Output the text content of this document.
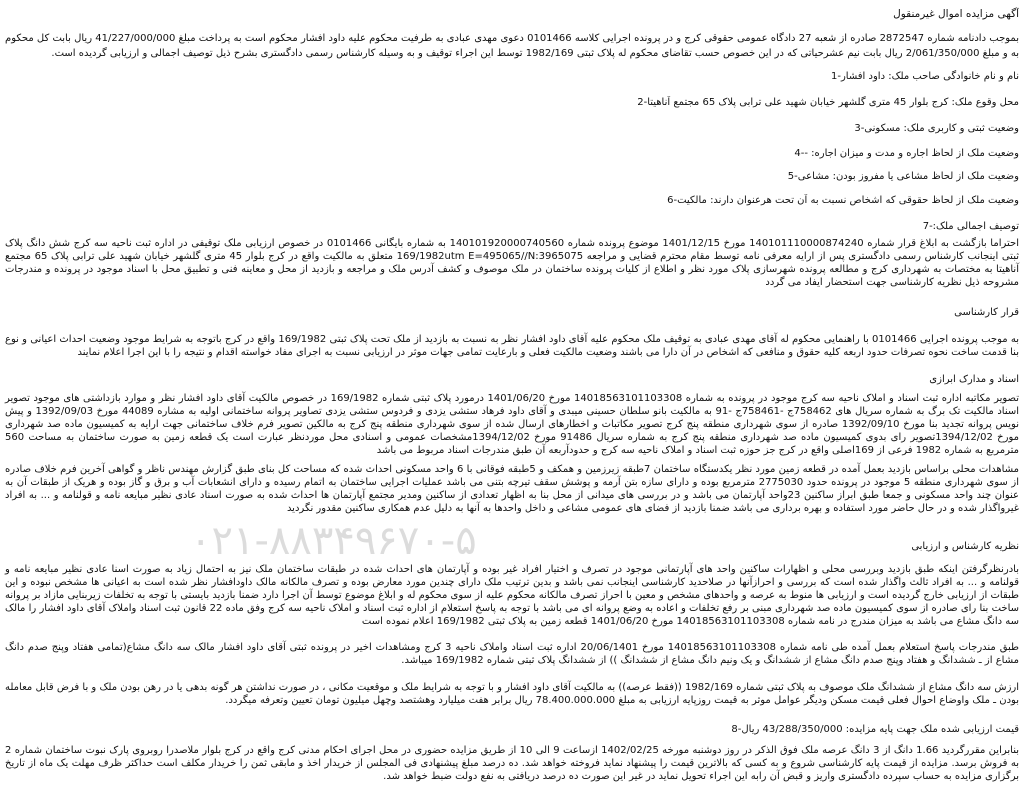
۰۲۱-۸۸۳۴۹۶۷۰-۵
آگهی مزایده اموال غیرمنقول

بموجب دادنامه شماره 2872547 صادره از شعبه 27 دادگاه عمومی حقوقی کرج و در پرونده اجرایی کلاسه 0101466 دعوی مهدی عبادی به طرفیت محکوم علیه داود افشار محکوم است به پرداخت مبلغ 41/227/000/000 ریال بابت کل محکوم به و مبلغ 2/061/350/000 ریال بابت نیم عشرحیاتی که در این خصوص حسب تقاضای محکوم له پلاک ثبتی 1982/169 توسط این اجراء توقیف و به وسیله کارشناس رسمی دادگستری بشرح ذیل توصیف اجمالی و ارزیابی گردیده است.

نام و نام خانوادگی صاحب ملک: داود افشار-1
محل وقوع ملک: کرج بلوار 45 متری گلشهر خیابان شهید علی ترابی پلاک 65 مجتمع آناهیتا-2
وضعیت ثبتی و کاربری ملک: مسکونی-3
وضعیت ملک از لحاظ اجاره و مدت و میزان اجاره: --4
وضعیت ملک از لحاظ مشاعی یا مفروز بودن: مشاعی-5
وضعیت ملک از لحاظ حقوقی که اشخاص نسبت به آن تحت هرعنوان دارند: مالکیت-6
توصیف اجمالی ملک:-7

احتراما بازگشت به ابلاغ قرار شماره 140101110000874240 مورخ 1401/12/15 موضوع پرونده شماره 140101920000740560 به شماره بایگانی 0101466 در خصوص ارزیابی ملک توقیفی در اداره ثبت ناحیه سه کرج شش دانگ پلاک ثبتی اینجانب کارشناس رسمی دادگستری پس از ارایه معرفی نامه توسط مقام محترم قضایی و مراجعه 169/1982utm E=495065//N:3965075 متعلق به مالکیت واقع در کرج بلوار 45 متری گلشهر خیابان شهید علی ترابی پلاک 65 مجتمع آناهیتا به مختصات به شهرداری کرج و مطالعه پرونده شهرسازی پلاک مورد نظر و اطلاع از کلیات پرونده ساختمان در ملک موصوف و کشف آدرس ملک و مراجعه و بازدید از محل و معاینه فنی و تطبیق محل با اسناد موجود در پرونده و مندرجات مشروحه ذیل نظریه کارشناسی جهت استحضار ایفاد می گردد

قرار کارشناسی

به موجب پرونده اجرایی 0101466 با راهنمایی محکوم له آقای مهدی عبادی به توقیف ملک محکوم علیه آقای داود افشار نظر به نسبت به بازدید از ملک تحت پلاک ثبتی 169/1982 واقع در کرج باتوجه به شرایط موجود وضعیت احداث اعیانی و نوع بنا قدمت ساخت نحوه تصرفات حدود اربعه کلیه حقوق و منافعی که اشخاص در آن دارا می باشند وضعیت مالکیت فعلی و بارعایت تمامی جهات موثر در ارزیابی نسبت به اجرای مفاد خواسته اقدام و نتیجه را با این اجرا اعلام نمایند

اسناد و مدارک ابرازی

تصویر مکاتبه اداره ثبت اسناد و املاک ناحیه سه کرج موجود در پرونده به شماره 14018563101103308 مورخ 1401/06/20 درمورد پلاک ثبتی شماره 169/1982 در خصوص مالکیت آقای داود افشار نظر و موارد بازداشتی های موجود تصویر اسناد مالکیت تک برگ به شماره سریال های 758462ج -758461ج -91 به مالکیت بانو سلطان حسینی میبدی و آقای داود فرهاد ستشی یزدی و فردوس ستشی یزدی تصاویر پروانه ساختمانی اولیه به مشاره 44089 مورخ 1392/09/03 و پیش نویس پروانه تجدید بنا مورخ 1392/09/10 صادره از سوی شهرداری منطقه پنج کرج تصویر مکاتبات و اخطارهای ارسال شده از سوی شهرداری منطقه پنج کرج به مالکین تصویر فرم خلاف ساختمانی جهت ارایه به کمیسیون ماده صد شهرداری مورخ 1394/12/02تصویر رای بدوی کمیسیون ماده صد شهرداری منطقه پنج کرج به شماره سریال 91486 مورخ 1394/12/02مشخصات عمومی و اسنادی محل موردنظر عبارت است یک قطعه زمین به صورت ساختمان به مساحت 560 مترمربع به شماره 1982 فرعی از 169اصلی واقع در کرج جز حوزه ثبت اسناد و املاک ناحیه سه کرج و حدودآربعه آن طبق مندرجات اسناد مربوط می باشد

مشاهدات محلی براساس بازدید بعمل آمده در قطعه زمین مورد نظر یکدستگاه ساختمان 7طبقه زیرزمین و همکف و 5طبقه فوقانی با 6 واحد مسکونی احداث شده که مساحت کل بنای طبق گزارش مهندس ناظر و گواهی آخرین فرم خلاف صادره از سوی شهرداری منطقه 5 موجود در پرونده حدود 2775030 مترمربع بوده و دارای سازه بتن آرمه و پوشش سقف تیرچه بتنی می باشد عملیات اجرایی ساختمان به اتمام رسیده و دارای انشعابات آب و برق و گاز بوده و هریک از طبقات آن به عنوان چند واحد مسکونی و جمعا طبق ابراز ساکنین 23واحد آپارتمان می باشد و در بررسی های میدانی از محل بنا به اظهار تعدادی از ساکنین ومدیر مجتمع آپارتمان ها احداث شده به صورت اسناد عادی نظیر مبایعه نامه و قولنامه و ... به افراد غیرواگذار شده و در حال حاضر مورد استفاده و بهره برداری می باشد ضمنا بازدید از فضای های عمومی مشاعی و داخل واحدها به آنها به دلیل عدم همکاری ساکنین مقدور نگردید

نظریه کارشناس و ارزیابی

بادرنظرگرفتن اینکه طبق بازدید وبررسی محلی و اظهارات ساکنین واحد های آپارتمانی موجود در تصرف و اختیار افراد غیر بوده و آپارتمان های احداث شده در طبقات ساختمان ملک نیز به احتمال زیاد به صورت اسنا عادی نظیر مبایعه نامه و قولنامه و ... به افراد ثالث واگذار شده است که بررسی و احرازآنها در صلاحدید کارشناسی اینجانب نمی باشد و بدین ترتیب ملک دارای چندین مورد معارض بوده و تصرف مالکانه مالک داودافشار نظر شده است به اعیانی ها مشخص نبوده و این طبقات از ارزیابی خارج گردیده است و ارزیابی ها منوط به عرصه و واحدهای مشخص و معین با احراز تصرف مالکانه محکوم علیه از سوی محکوم له و ابلاغ موضوع توسط آن اجرا دارد ضمنا بازدید بایستی با توجه به تخلفات زیربنایی مازاد بر پروانه ساخت بنا رای صادره از سوی کمیسیون ماده صد شهرداری مبنی بر رفع تخلفات و اعاده به وضع پروانه ای می باشد با توجه به پاسخ استعلام از اداره ثبت اسناد و املاک ناحیه سه کرج وفق ماده 22 قانون ثبت اسناد واملاک آقای داود افشار را مالک سه دانگ مشاع می باشد به میزان مندرج در نامه شماره 14018563101103308 مورخ 1401/06/20 قطعه زمین به پلاک ثبتی 169/1982 اعلام نموده است

طبق مندرجات پاسخ استعلام بعمل آمده طی نامه شماره 14018563101103308 مورخ 20/06/1401 اداره ثبت اسناد واملاک ناحیه 3 کرج ومشاهدات اخیر در پرونده ثبتی آقای داود افشار مالک سه دانگ مشاع(تمامی هفتاد وپنج صدم دانگ مشاع از ـ ششدانگ و هفتاد وپنج صدم دانگ مشاع از ششدانگ و یک ونیم دانگ مشاع از ششدانگ )) از ششدانگ پلاک ثبتی شماره 169/1982 میباشد.

ارزش سه دانگ مشاع از ششدانگ ملک موصوف به پلاک ثبتی شماره 1982/169 ((فقط عرصه)) به مالکیت آقای داود افشار و با توجه به شرایط ملک و موقعیت مکانی ، در صورت نداشتن هر گونه بدهی یا در رهن بودن ملک و با فرض قابل معامله بودن ـ ملک واوضاع احوال فعلی قیمت مسکن ودیگر عوامل موثر به قیمت روزپایه ارزیابی به مبلغ 78.400.000.000 ریال برابر هفت میلیارد وهشتصد وچهل میلیون تومان تعیین وتعرفه میگردد.

قیمت ارزیابی شده ملک جهت پایه مزایده: 43/288/350/000 ریال-8

بنابراین مقررگردید 1.66 دانگ از 3 دانگ عرصه ملک فوق الذکر در روز دوشنبه مورخه 1402/02/25 ازساعت 9 الی 10 از طریق مزایده حضوری در محل اجرای احکام مدنی کرج واقع در کرج بلوار ملاصدرا روبروی پارک نبوت ساختمان شماره 2 به فروش برسد. مزایده از قیمت پایه کارشناسی شروع و به کسی که بالاترین قیمت را پیشنهاد نماید فروخته خواهد شد. ده درصد مبلغ پیشنهادی فی المجلس از خریدار اخذ و مابقی ثمن را خریدار مکلف است حداکثر ظرف مهلت یک ماه از تاریخ برگزاری مزایده به حساب سپرده دادگستری واریز و قبض آن رابه این اجراء تحویل نماید در غیر این صورت ده درصد دریافتی به نفع دولت ضبط خواهد شد.
